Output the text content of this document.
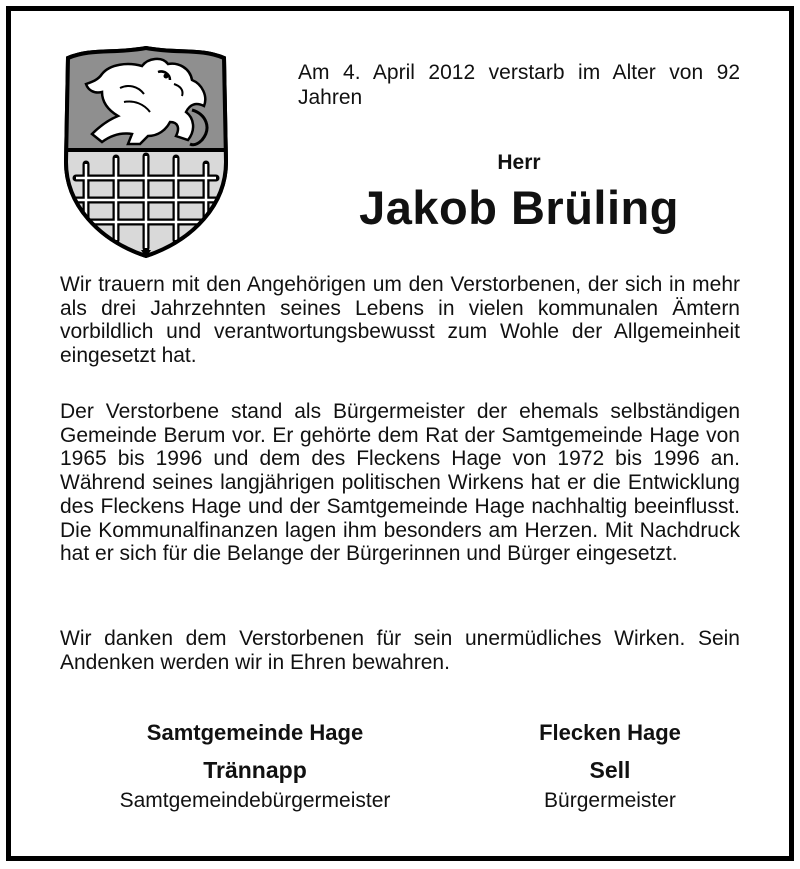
Am 4. April 2012 verstarb im Alter von 92 Jahren
Herr
Jakob Brüling

Wir trauern mit den Angehörigen um den Verstorbenen, der sich in mehr als drei Jahrzehnten seines Lebens in vielen kommunalen Ämtern vorbildlich und verantwortungsbewusst zum Wohle der Allgemeinheit eingesetzt hat.

Der Verstorbene stand als Bürgermeister der ehemals selbständigen Gemeinde Berum vor. Er gehörte dem Rat der Samtgemeinde Hage von 1965 bis 1996 und dem des Fleckens Hage von 1972 bis 1996 an. Während seines langjährigen politischen Wirkens hat er die Entwicklung des Fleckens Hage und der Samtgemeinde Hage nachhaltig beeinflusst. Die Kommunalfinanzen lagen ihm besonders am Herzen. Mit Nachdruck hat er sich für die Belange der Bürgerinnen und Bürger eingesetzt.

Wir danken dem Verstorbenen für sein unermüdliches Wirken. Sein Andenken werden wir in Ehren bewahren.

Samtgemeinde Hage
Trännapp
Samtgemeindebürgermeister
Flecken Hage
Sell
Bürgermeister
